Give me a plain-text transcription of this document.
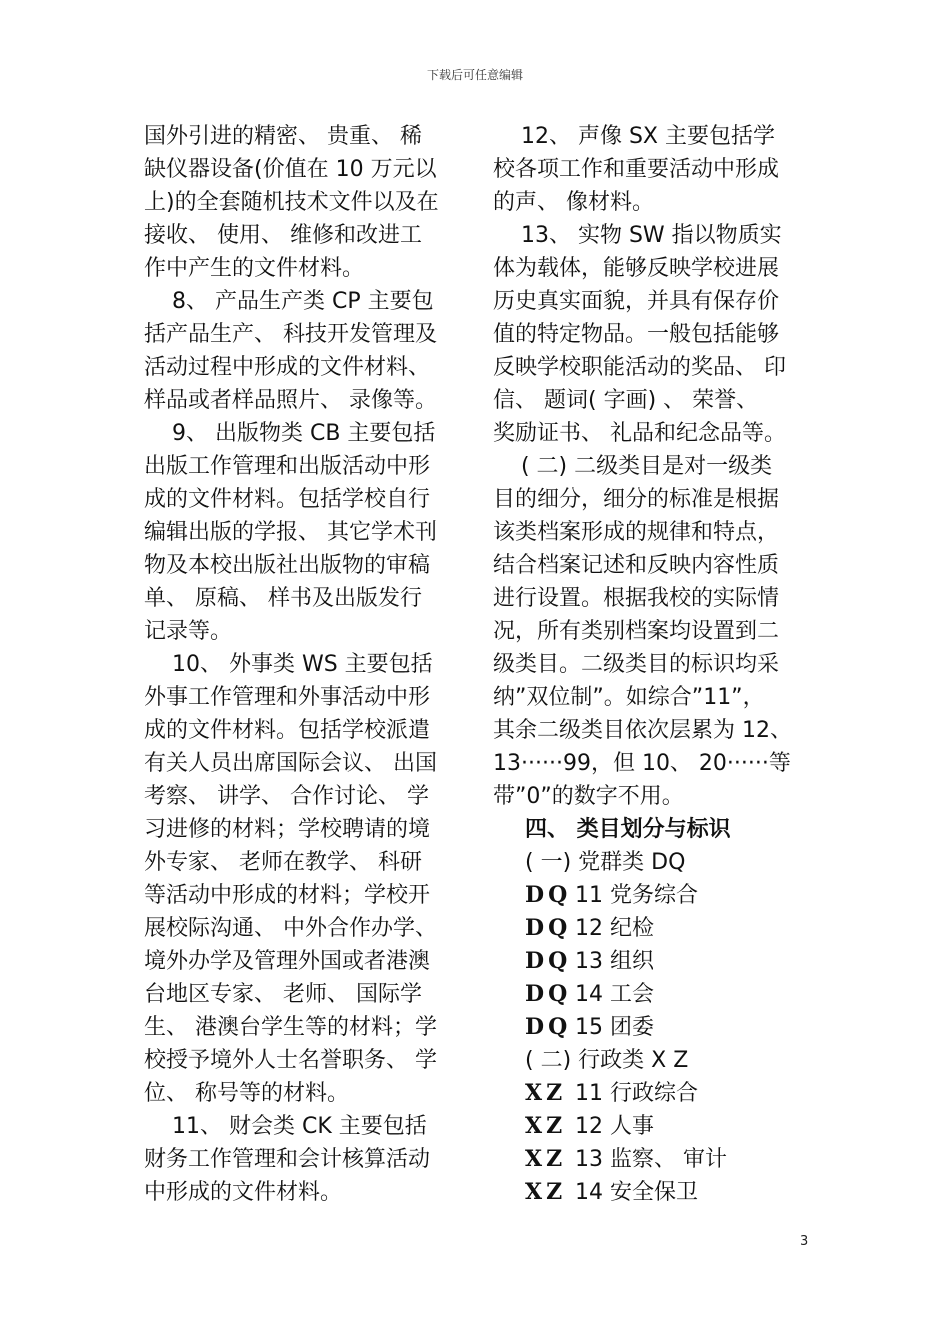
下载后可任意编辑

国外引进的精密、 贵重、 稀

缺仪器设备(价值在 10 万元以

上)的全套随机技术文件以及在

接收、 使用、 维修和改进工

作中产生的文件材料。

8、 产品生产类 CP 主要包

括产品生产、 科技开发管理及

活动过程中形成的文件材料、

样品或者样品照片、 录像等。

9、 出版物类 CB 主要包括

出版工作管理和出版活动中形

成的文件材料。包括学校自行

编辑出版的学报、 其它学术刊

物及本校出版社出版物的审稿

单、 原稿、 样书及出版发行

记录等。

10、 外事类 WS 主要包括

外事工作管理和外事活动中形

成的文件材料。包括学校派遣

有关人员出席国际会议、 出国

考察、 讲学、 合作讨论、 学

习进修的材料；学校聘请的境

外专家、 老师在教学、 科研

等活动中形成的材料；学校开

展校际沟通、 中外合作办学、

境外办学及管理外国或者港澳

台地区专家、 老师、 国际学

生、 港澳台学生等的材料；学

校授予境外人士名誉职务、 学

位、 称号等的材料。

11、 财会类 CK 主要包括

财务工作管理和会计核算活动

中形成的文件材料。

12、 声像 SX 主要包括学

校各项工作和重要活动中形成

的声、 像材料。

13、 实物 SW 指以物质实

体为载体，能够反映学校进展

历史真实面貌，并具有保存价

值的特定物品。一般包括能够

反映学校职能活动的奖品、 印

信、 题词( 字画) 、 荣誉、

奖励证书、 礼品和纪念品等。

( 二) 二级类目是对一级类

目的细分，细分的标准是根据

该类档案形成的规律和特点，

结合档案记述和反映内容性质

进行设置。根据我校的实际情

况，所有类别档案均设置到二

级类目。二级类目的标识均采

纳”双位制”。如综合”11”，

其余二级类目依次层累为 12、

13······99，但 10、 20······等

带”0”的数字不用。

四、 类目划分与标识

( 一) 党群类 DQ

DQ 11 党务综合

DQ 12 纪检

DQ 13 组织

DQ 14 工会

DQ 15 团委

( 二) 行政类 X Z

XZ 11 行政综合

XZ 12 人事

XZ 13 监察、 审计

XZ 14 安全保卫

3
